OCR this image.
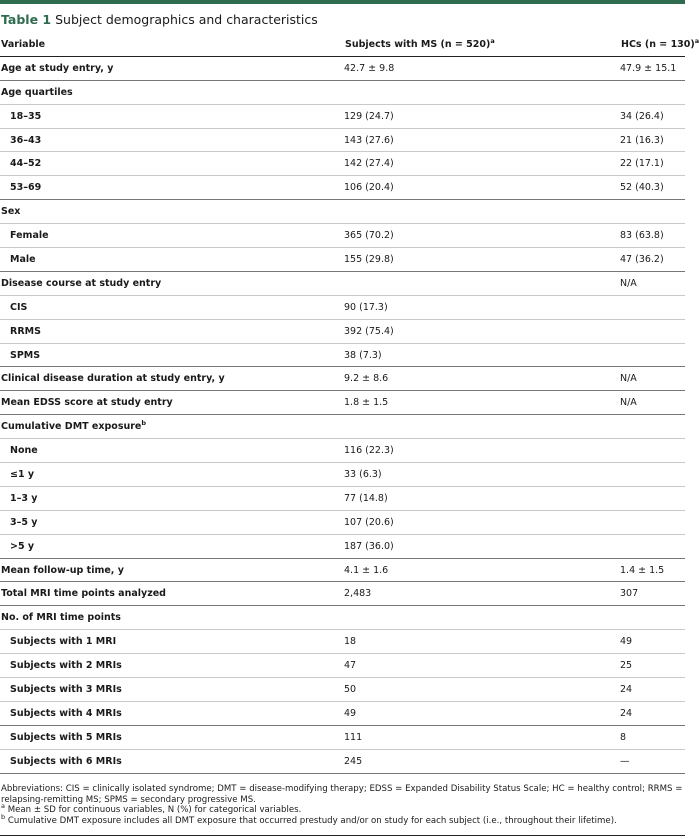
Table 1 Subject demographics and characteristics
Variable	Subjects with MS (n = 520)$^a$	HCs (n = 130)$^a$
Age at study entry, y	42.7 ± 9.8	47.9 ± 15.1
Age quartiles		
18–35	129 (24.7)	34 (26.4)
36–43	143 (27.6)	21 (16.3)
44–52	142 (27.4)	22 (17.1)
53–69	106 (20.4)	52 (40.3)
Sex		
Female	365 (70.2)	83 (63.8)
Male	155 (29.8)	47 (36.2)
Disease course at study entry		N/A
CIS	90 (17.3)	
RRMS	392 (75.4)	
SPMS	38 (7.3)	
Clinical disease duration at study entry, y	9.2 ± 8.6	N/A
Mean EDSS score at study entry	1.8 ± 1.5	N/A
Cumulative DMT exposure$^b$		
None	116 (22.3)	
≤1 y	33 (6.3)	
1–3 y	77 (14.8)	
3–5 y	107 (20.6)	
>5 y	187 (36.0)	
Mean follow-up time, y	4.1 ± 1.6	1.4 ± 1.5
Total MRI time points analyzed	2,483	307
No. of MRI time points		
Subjects with 1 MRI	18	49
Subjects with 2 MRIs	47	25
Subjects with 3 MRIs	50	24
Subjects with 4 MRIs	49	24
Subjects with 5 MRIs	111	8
Subjects with 6 MRIs	245	—

Abbreviations: CIS = clinically isolated syndrome; DMT = disease-modifying therapy; EDSS = Expanded Disability Status Scale; HC = healthy control; RRMS = relapsing-remitting MS; SPMS = secondary progressive MS.

$^a$ Mean ± SD for continuous variables, N (%) for categorical variables.

$^b$ Cumulative DMT exposure includes all DMT exposure that occurred prestudy and/or on study for each subject (i.e., throughout their lifetime).
